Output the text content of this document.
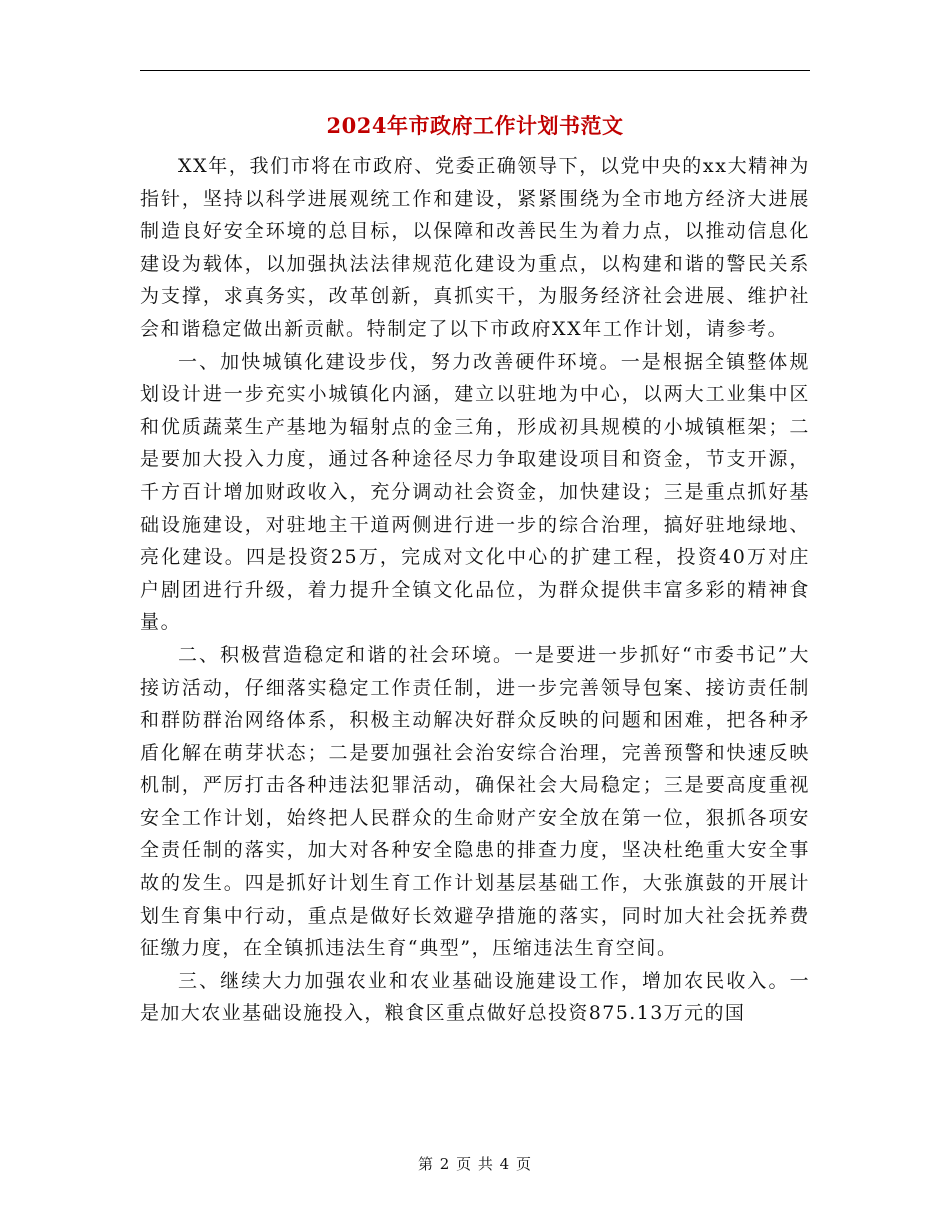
2024年市政府工作计划书范文

XX年，我们市将在市政府、党委正确领导下，以党中央的xx大精神为指针，坚持以科学进展观统工作和建设，紧紧围绕为全市地方经济大进展制造良好安全环境的总目标，以保障和改善民生为着力点，以推动信息化建设为载体，以加强执法法律规范化建设为重点，以构建和谐的警民关系为支撑，求真务实，改革创新，真抓实干，为服务经济社会进展、维护社会和谐稳定做出新贡献。特制定了以下市政府XX年工作计划，请参考。

一、加快城镇化建设步伐，努力改善硬件环境。一是根据全镇整体规划设计进一步充实小城镇化内涵，建立以驻地为中心，以两大工业集中区和优质蔬菜生产基地为辐射点的金三角，形成初具规模的小城镇框架；二是要加大投入力度，通过各种途径尽力争取建设项目和资金，节支开源，千方百计增加财政收入，充分调动社会资金，加快建设；三是重点抓好基础设施建设，对驻地主干道两侧进行进一步的综合治理，搞好驻地绿地、亮化建设。四是投资25万，完成对文化中心的扩建工程，投资40万对庄户剧团进行升级，着力提升全镇文化品位，为群众提供丰富多彩的精神食量。

二、积极营造稳定和谐的社会环境。一是要进一步抓好“市委书记”大接访活动，仔细落实稳定工作责任制，进一步完善领导包案、接访责任制和群防群治网络体系，积极主动解决好群众反映的问题和困难，把各种矛盾化解在萌芽状态；二是要加强社会治安综合治理，完善预警和快速反映机制，严厉打击各种违法犯罪活动，确保社会大局稳定；三是要高度重视安全工作计划，始终把人民群众的生命财产安全放在第一位，狠抓各项安全责任制的落实，加大对各种安全隐患的排查力度，坚决杜绝重大安全事故的发生。四是抓好计划生育工作计划基层基础工作，大张旗鼓的开展计划生育集中行动，重点是做好长效避孕措施的落实，同时加大社会抚养费征缴力度，在全镇抓违法生育“典型”，压缩违法生育空间。

三、继续大力加强农业和农业基础设施建设工作，增加农民收入。一是加大农业基础设施投入，粮食区重点做好总投资875.13万元的国

第 2 页 共 4 页
